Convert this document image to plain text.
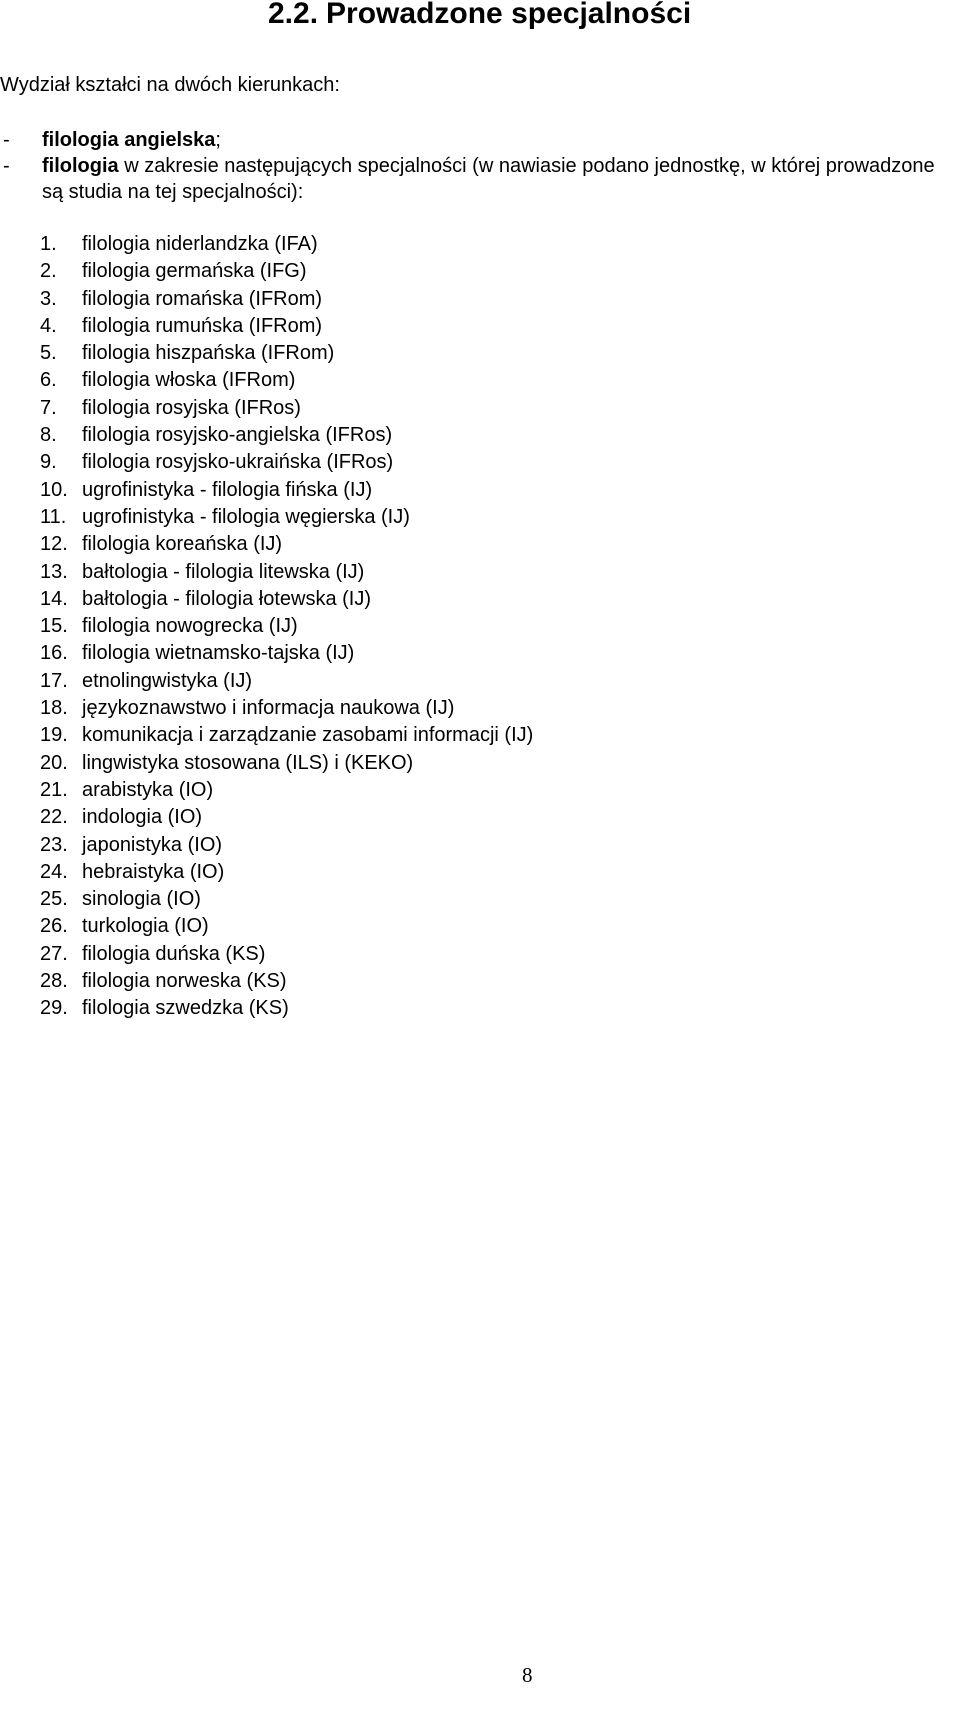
2.2. Prowadzone specjalności

Wydział kształci na dwóch kierunkach:

- filologia angielska;
- filologia w zakresie następujących specjalności (w nawiasie podano jednostkę, w której prowadzone są studia na tej specjalności):
1. filologia niderlandzka (IFA)
2. filologia germańska (IFG)
3. filologia romańska (IFRom)
4. filologia rumuńska (IFRom)
5. filologia hiszpańska (IFRom)
6. filologia włoska (IFRom)
7. filologia rosyjska (IFRos)
8. filologia rosyjsko-angielska (IFRos)
9. filologia rosyjsko-ukraińska (IFRos)
10. ugrofinistyka - filologia fińska (IJ)
11. ugrofinistyka - filologia węgierska (IJ)
12. filologia koreańska (IJ)
13. bałtologia - filologia litewska (IJ)
14. bałtologia - filologia łotewska (IJ)
15. filologia nowogrecka (IJ)
16. filologia wietnamsko-tajska (IJ)
17. etnolingwistyka (IJ)
18. językoznawstwo i informacja naukowa (IJ)
19. komunikacja i zarządzanie zasobami informacji (IJ)
20. lingwistyka stosowana (ILS) i (KEKO)
21. arabistyka (IO)
22. indologia (IO)
23. japonistyka (IO)
24. hebraistyka (IO)
25. sinologia (IO)
26. turkologia (IO)
27. filologia duńska (KS)
28. filologia norweska (KS)
29. filologia szwedzka (KS)
8
